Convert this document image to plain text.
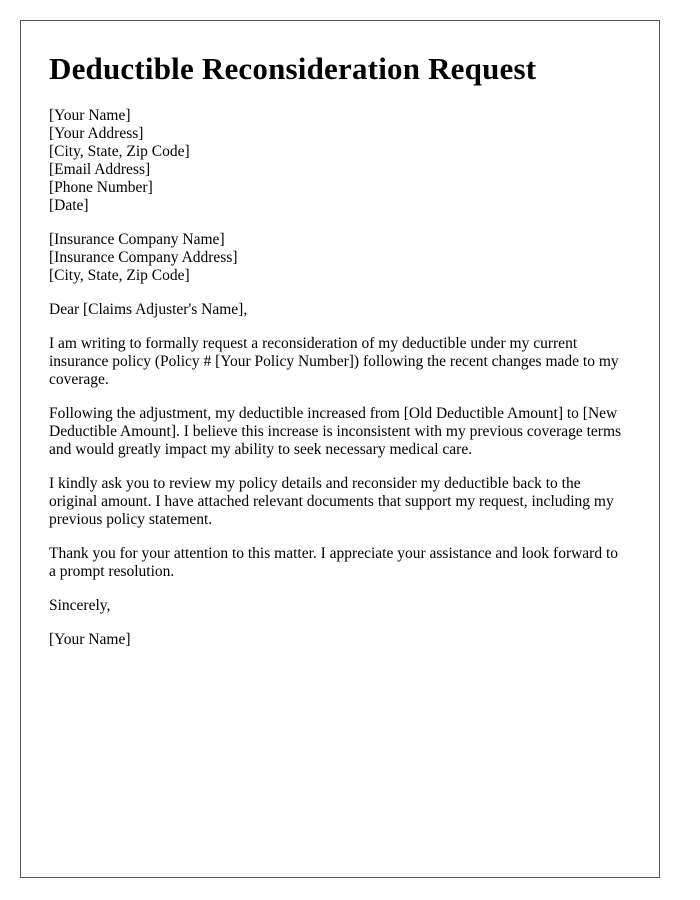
Deductible Reconsideration Request
[Your Name]
[Your Address]
[City, State, Zip Code]
[Email Address]
[Phone Number]
[Date]
[Insurance Company Name]
[Insurance Company Address]
[City, State, Zip Code]

Dear [Claims Adjuster's Name],

I am writing to formally request a reconsideration of my deductible under my current insurance policy (Policy # [Your Policy Number]) following the recent changes made to my coverage.

Following the adjustment, my deductible increased from [Old Deductible Amount] to [New Deductible Amount]. I believe this increase is inconsistent with my previous coverage terms and would greatly impact my ability to seek necessary medical care.

I kindly ask you to review my policy details and reconsider my deductible back to the original amount. I have attached relevant documents that support my request, including my previous policy statement.

Thank you for your attention to this matter. I appreciate your assistance and look forward to a prompt resolution.

Sincerely,

[Your Name]
